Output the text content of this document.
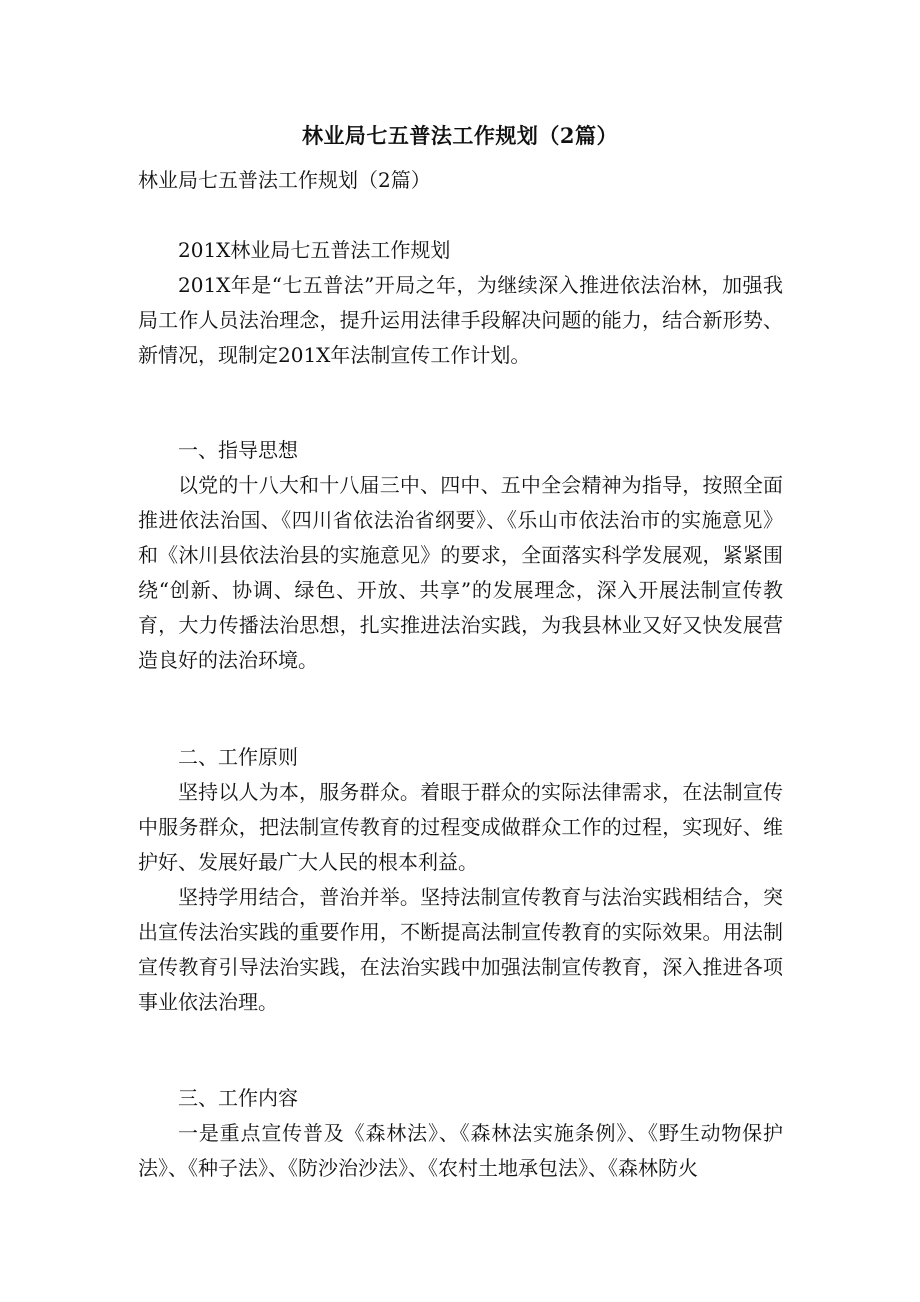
林业局七五普法工作规划（2篇）
林业局七五普法工作规划（2篇）

201X林业局七五普法工作规划

201X年是“七五普法”开局之年，为继续深入推进依法治林，加强我局工作人员法治理念，提升运用法律手段解决问题的能力，结合新形势、新情况，现制定201X年法制宣传工作计划。

一、指导思想

以党的十八大和十八届三中、四中、五中全会精神为指导，按照全面推进依法治国、《四川省依法治省纲要》、《乐山市依法治市的实施意见》和《沐川县依法治县的实施意见》的要求，全面落实科学发展观，紧紧围绕“创新、协调、绿色、开放、共享”的发展理念，深入开展法制宣传教育，大力传播法治思想，扎实推进法治实践，为我县林业又好又快发展营造良好的法治环境。

二、工作原则

坚持以人为本，服务群众。着眼于群众的实际法律需求，在法制宣传中服务群众，把法制宣传教育的过程变成做群众工作的过程，实现好、维护好、发展好最广大人民的根本利益。

坚持学用结合，普治并举。坚持法制宣传教育与法治实践相结合，突出宣传法治实践的重要作用，不断提高法制宣传教育的实际效果。用法制宣传教育引导法治实践，在法治实践中加强法制宣传教育，深入推进各项事业依法治理。

三、工作内容

一是重点宣传普及《森林法》、《森林法实施条例》、《野生动物保护法》、《种子法》、《防沙治沙法》、《农村土地承包法》、《森林防火
